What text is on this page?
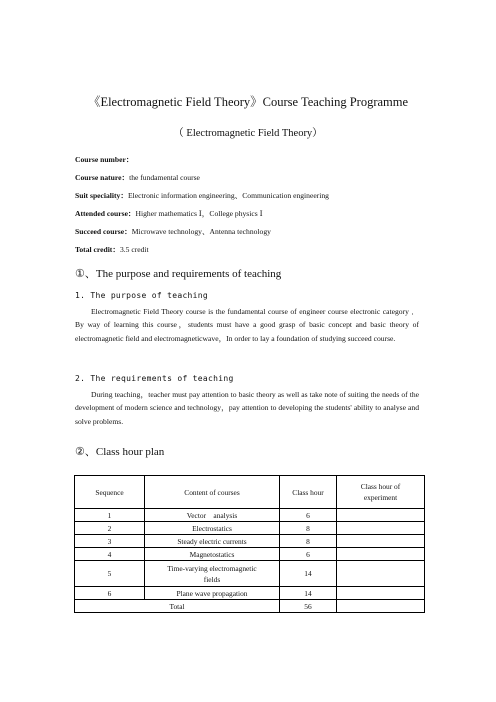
《Electromagnetic Field Theory》Course Teaching Programme
（ Electromagnetic Field Theory）
Course number：
Course nature：the fundamental course
Suit speciality：Electronic information engineering、Communication engineering
Attended course：Higher mathematics Ⅰ，College physics Ⅰ
Succeed course：Microwave technology、Antenna technology
Total credit：3.5 credit
①、The purpose and requirements of teaching
1. The purpose of teaching
Electromagnetic Field Theory course is the fundamental course of engineer course electronic category ．By way of learning this course，students must have a good grasp of basic concept and basic theory of electromagnetic field and electromagneticwave，In order to lay a foundation of studying succeed course.
2. The requirements of teaching
During teaching，teacher must pay attention to basic theory as well as take note of suiting the needs of the development of modern science and technology，pay attention to developing the students' ability to analyse and solve problems.
②、Class hour plan
Sequence	Content of courses	Class hour	Class hour of experiment

1	Vector　analysis	6	
2	Electrostatics	8	
3	Steady electric currents	8	
4	Magnetostatics	6	
5	Time-varying electromagnetic fields	14	
6	Plane wave propagation	14	
Total		56	
